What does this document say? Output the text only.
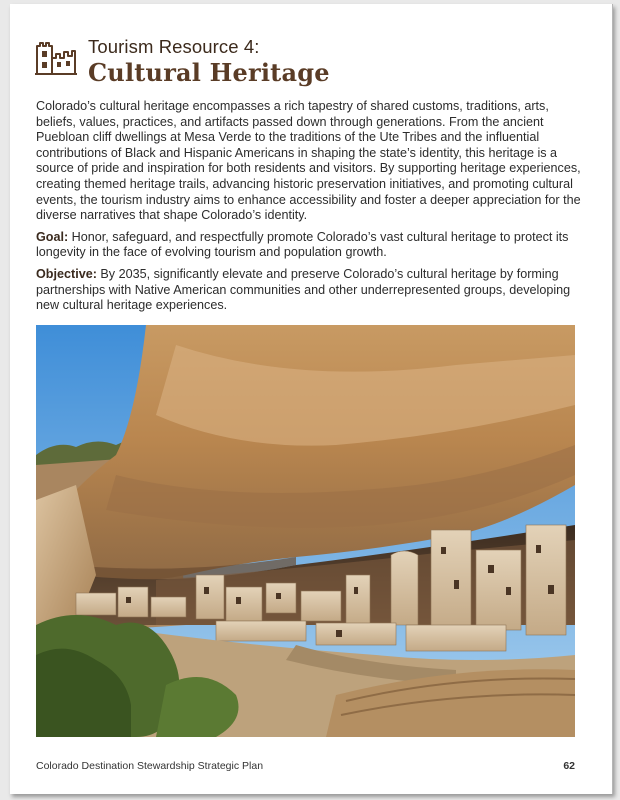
Tourism Resource 4:
Cultural Heritage

Colorado’s cultural heritage encompasses a rich tapestry of shared customs, traditions, arts, beliefs, values, practices, and artifacts passed down through generations. From the ancient Puebloan cliff dwellings at Mesa Verde to the traditions of the Ute Tribes and the influential contributions of Black and Hispanic Americans in shaping the state’s identity, this heritage is a source of pride and inspiration for both residents and visitors. By supporting heritage experiences, creating themed heritage trails, advancing historic preservation initiatives, and promoting cultural events, the tourism industry aims to enhance accessibility and foster a deeper appreciation for the diverse narratives that shape Colorado’s identity.

Goal: Honor, safeguard, and respectfully promote Colorado’s vast cultural heritage to protect its longevity in the face of evolving tourism and population growth.

Objective: By 2035, significantly elevate and preserve Colorado’s cultural heritage by forming partnerships with Native American communities and other underrepresented groups, developing new cultural heritage experiences.

Colorado Destination Stewardship Strategic Plan	62
